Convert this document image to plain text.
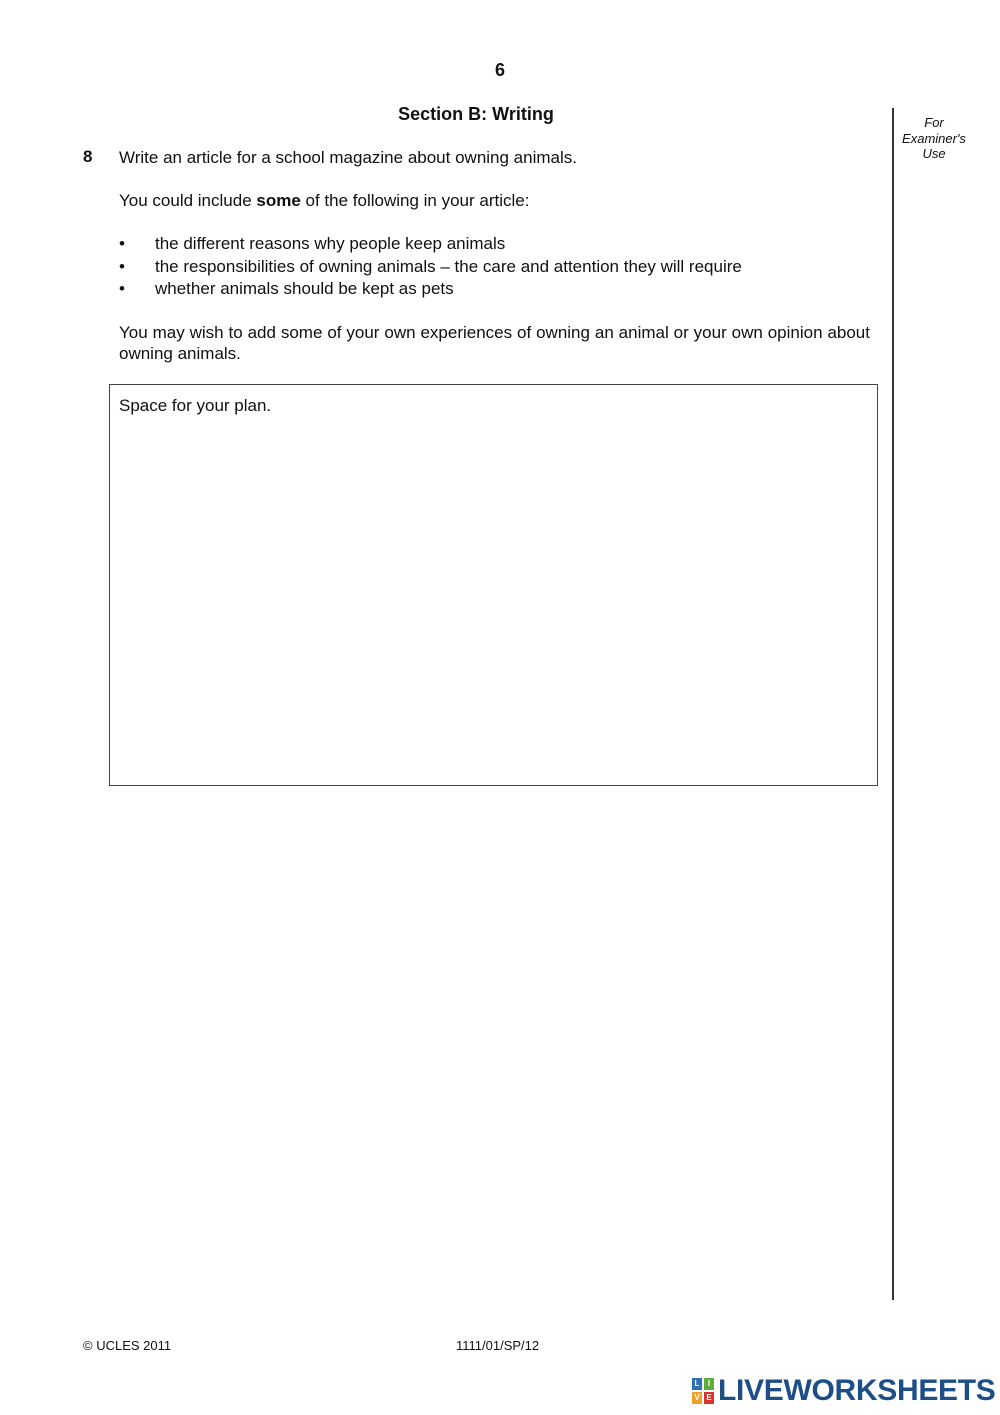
6
Section B: Writing	For
Examiner's
Use
8 Write an article for a school magazine about owning animals.
You could include some of the following in your article:
• the different reasons why people keep animals
• the responsibilities of owning animals – the care and attention they will require
• whether animals should be kept as pets
You may wish to add some of your own experiences of owning an animal or your own opinion about owning animals.
Space for your plan.
© UCLES 2011	1111/01/SP/12
L	I
V E LIVEWORKSHEETS
